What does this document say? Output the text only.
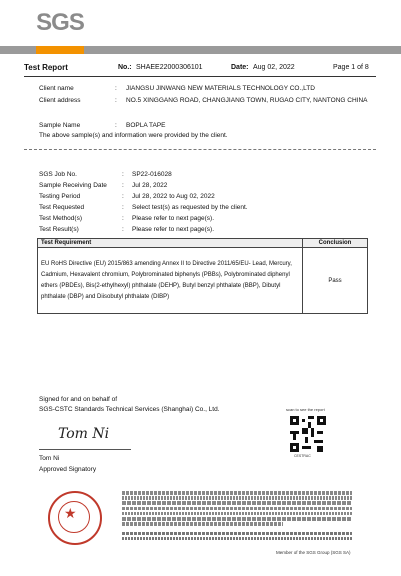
SGS
Test Report	No.: SHAEE22000306101	Date: Aug 02, 2022	Page 1 of 8
Client name	: JIANGSU JINWANG NEW MATERIALS TECHNOLOGY CO.,LTD
Client address	: NO.5 XINGGANG ROAD, CHANGJIANG TOWN, RUGAO CITY, NANTONG CHINA
Sample Name	: BOPLA TAPE
The above sample(s) and information were provided by the client.
SGS Job No.	: SP22-016028
Sample Receiving Date : Jul 28, 2022
Testing Period	: Jul 28, 2022 to Aug 02, 2022
Test Requested	: Select test(s) as requested by the client.
Test Method(s)	: Please refer to next page(s).
Test Result(s)	: Please refer to next page(s).
Test Requirement	Conclusion
EU RoHS Directive (EU) 2015/863 amending Annex II to Directive 2011/65/EU- Lead, Mercury, Cadmium, Hexavalent chromium, Polybrominated biphenyls (PBBs), Polybrominated diphenyl ethers (PBDEs), Bis(2-ethylhexyl) phthalate (DEHP), Butyl benzyl phthalate (BBP), Dibutyl phthalate (DBP) and Diisobutyl phthalate (DIBP)	Pass
Signed for and on behalf of
SGS-CSTC Standards Technical Services (Shanghai) Co., Ltd.
Tom Ni
Tom Ni
Approved Signatory
scan to see the report
CESTRAC
★
Member of the SGS Group (SGS SA)
